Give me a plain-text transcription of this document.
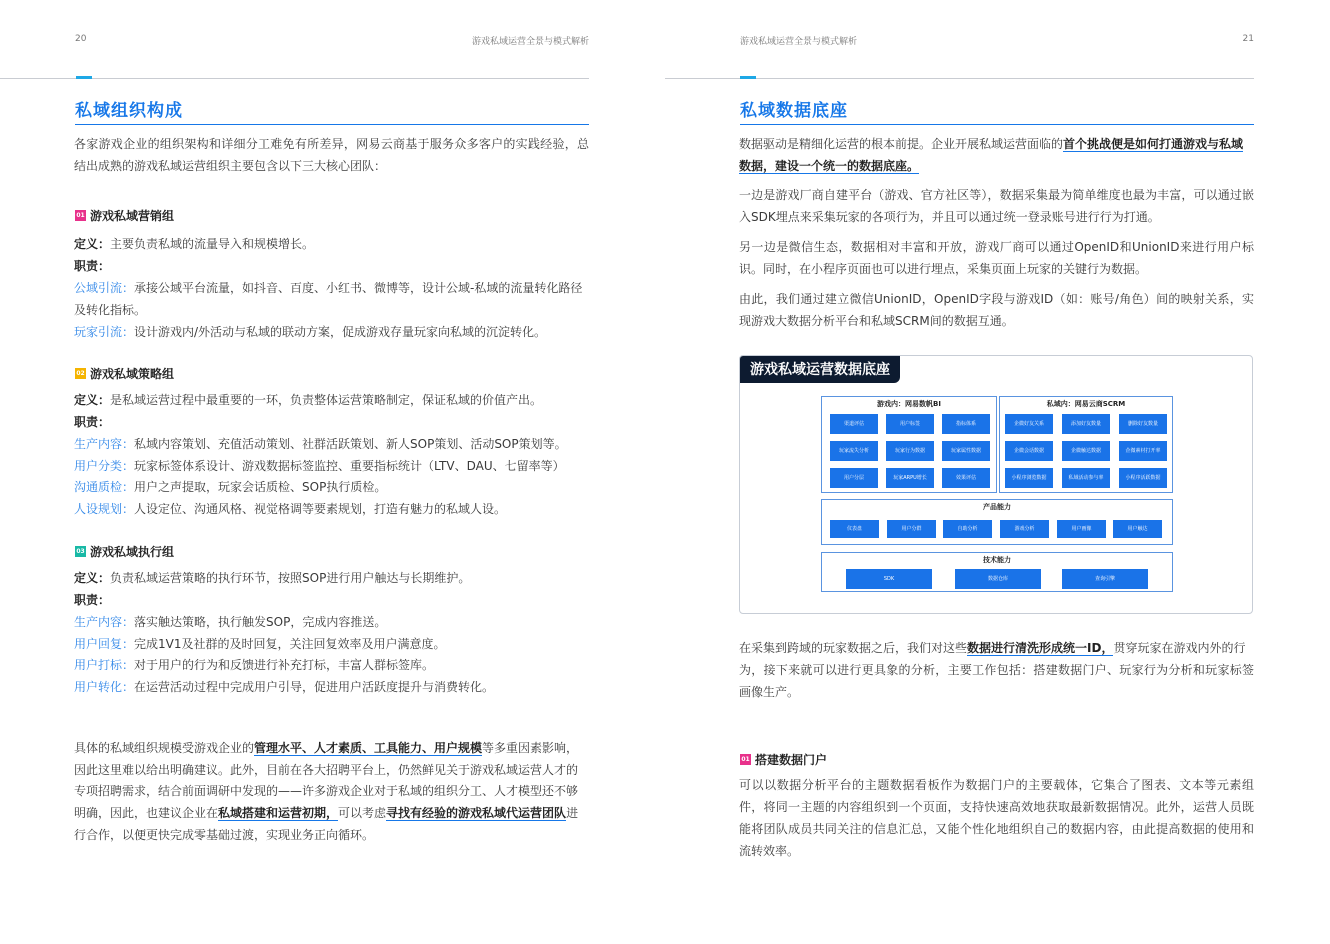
20	游戏私域运营全景与模式解析
私域组织构成
各家游戏企业的组织架构和详细分工难免有所差异，网易云商基于服务众多客户的实践经验，总结出成熟的游戏私域运营组织主要包含以下三大核心团队：
01 游戏私域营销组
定义：主要负责私域的流量导入和规模增长。
职责：
公域引流：承接公域平台流量，如抖音、百度、小红书、微博等，设计公域-私域的流量转化路径
及转化指标。
玩家引流：设计游戏内/外活动与私域的联动方案，促成游戏存量玩家向私域的沉淀转化。
02 游戏私域策略组
定义：是私域运营过程中最重要的一环，负责整体运营策略制定，保证私域的价值产出。
职责：
生产内容：私域内容策划、充值活动策划、社群活跃策划、新人SOP策划、活动SOP策划等。
用户分类：玩家标签体系设计、游戏数据标签监控、重要指标统计（LTV、DAU、七留率等）
沟通质检：用户之声提取，玩家会话质检、SOP执行质检。
人设规划：人设定位、沟通风格、视觉格调等要素规划，打造有魅力的私域人设。
03 游戏私域执行组
定义：负责私域运营策略的执行环节，按照SOP进行用户触达与长期维护。
职责：
生产内容：落实触达策略，执行触发SOP，完成内容推送。
用户回复：完成1V1及社群的及时回复，关注回复效率及用户满意度。
用户打标：对于用户的行为和反馈进行补充打标，丰富人群标签库。
用户转化：在运营活动过程中完成用户引导，促进用户活跃度提升与消费转化。
具体的私域组织规模受游戏企业的管理水平、人才素质、工具能力、用户规模等多重因素影响，
因此这里难以给出明确建议。此外，目前在各大招聘平台上，仍然鲜见关于游戏私域运营人才的
专项招聘需求，结合前面调研中发现的——许多游戏企业对于私域的组织分工、人才模型还不够
明确，因此，也建议企业在私域搭建和运营初期，可以考虑寻找有经验的游戏私域代运营团队进
行合作，以便更快完成零基础过渡，实现业务正向循环。
游戏私域运营全景与模式解析	21
私域数据底座
数据驱动是精细化运营的根本前提。企业开展私域运营面临的首个挑战便是如何打通游戏与私域
数据，建设一个统一的数据底座。
一边是游戏厂商自建平台（游戏、官方社区等），数据采集最为简单维度也最为丰富，可以通过嵌入SDK埋点来采集玩家的各项行为，并且可以通过统一登录账号进行行为打通。
另一边是微信生态，数据相对丰富和开放，游戏厂商可以通过OpenID和UnionID来进行用户标识。同时，在小程序页面也可以进行埋点，采集页面上玩家的关键行为数据。
由此，我们通过建立微信UnionID，OpenID字段与游戏ID（如：账号/角色）间的映射关系，实现游戏大数据分析平台和私域SCRM间的数据互通。
游戏私域运营数据底座
游戏内：网易数帆BI
渠道评估	用户标签	指标体系
玩家流失分析	玩家行为数据	玩家属性数据
用户分层	玩家ARPU增长	效果评估
私域内：网易云商SCRM
企微好友关系	添加好友数量	删除好友数量
企微会话数据	企微触达数据	企微素材打开率
小程序浏览数据	私域活动参与率	小程序活跃数据
产品能力
仪表盘	用户分群	自助分析	游戏分析	用户画像	用户触达
技术能力
SDK	数据仓库	查询引擎
在采集到跨域的玩家数据之后，我们对这些数据进行清洗形成统一ID，贯穿玩家在游戏内外的行
为，接下来就可以进行更具象的分析，主要工作包括：搭建数据门户、玩家行为分析和玩家标签画像生产。
01 搭建数据门户
可以以数据分析平台的主题数据看板作为数据门户的主要载体，它集合了图表、文本等元素组件，将同一主题的内容组织到一个页面，支持快速高效地获取最新数据情况。此外，运营人员既能将团队成员共同关注的信息汇总，又能个性化地组织自己的数据内容，由此提高数据的使用和流转效率。
